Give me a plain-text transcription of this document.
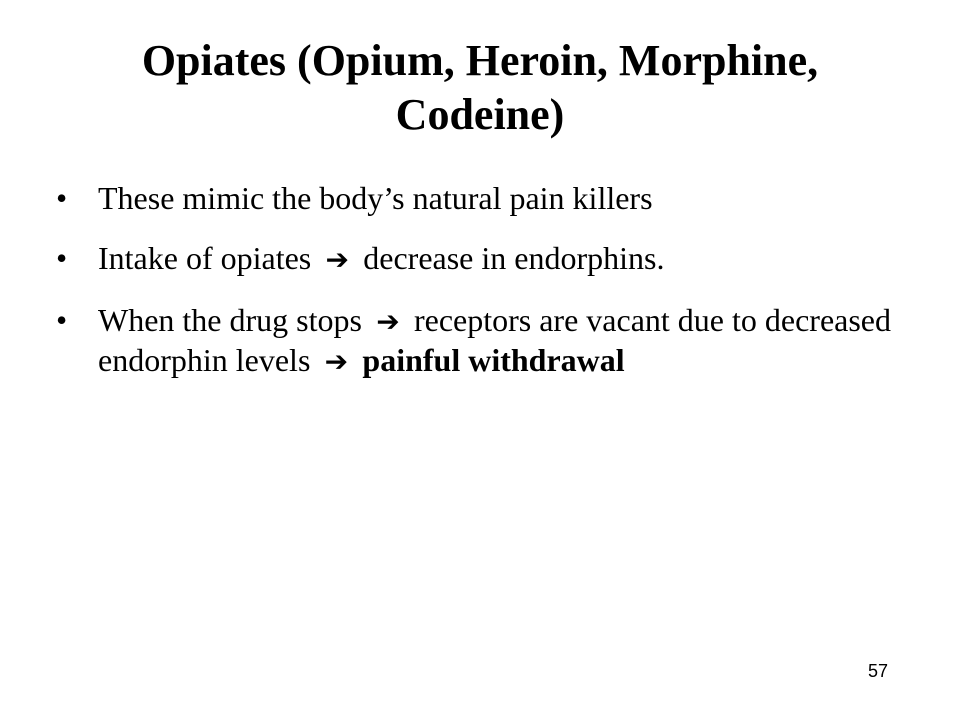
Opiates (Opium, Heroin, Morphine,
Codeine)
• These mimic the body’s natural pain killers
• Intake of opiates ➔ decrease in endorphins.
• When the drug stops ➔ receptors are vacant due to decreased endorphin levels ➔ painful withdrawal
57
